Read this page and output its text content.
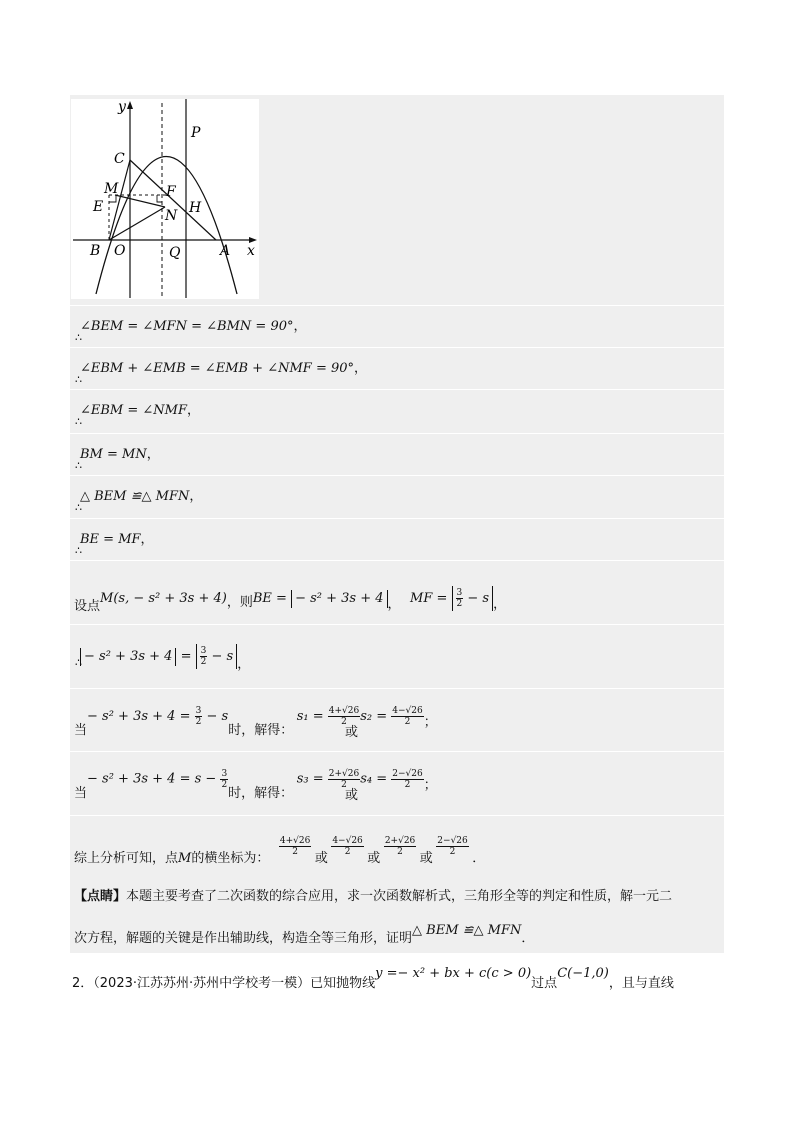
y
x
C
P
M	F
E
N H
B O	Q	A
∴
∴
∴
∴
∴
∴
∴
∠BEM = ∠MFN = ∠BMN = 90°，
∠EBM + ∠EMB = ∠EMB + ∠NMF = 90°，
∠EBM = ∠NMF，
BM = MN，
△ BEM ≌△ MFN，
BE = MF，
设点M(s, − s² + 3s + 4)，则BE = − s² + 3s + 4 ， MF = $\frac{3}{2} - s$ ，
− $s^2 + 3s + 4 = \frac{3}{2} - s$，
当− $s^2 + 3s + 4 = \frac{3}{2} - s$时，解得： $s_1 = \frac{4+√26}{2} s_2 = \frac{4-√26}{2}$ ；
或
当− $s^2 + 3s + 4 = s - \frac{3}{2}$
时，解得： $s_3 = \frac{2+√26}{2} s_4 = \frac{2-√26}{2}$ ；
或
综上分析可知，点M的横坐标为：
$\frac{4+√26}{2}$
或
$\frac{4-√26}{2}$
或
$\frac{2+√26}{2}$
或
$\frac{2-√26}{2}$
．
【点睛】本题主要考查了二次函数的综合应用，求一次函数解析式，三角形全等的判定和性质，解一元二
次方程，解题的关键是作出辅助线，构造全等三角形，证明△ BEM ≌△ MFN．
2．（2023·江苏苏州·苏州中学校考一模）已知抛物线y =− x² + bx + c(c > 0)过点C(−1,0)，且与直线
